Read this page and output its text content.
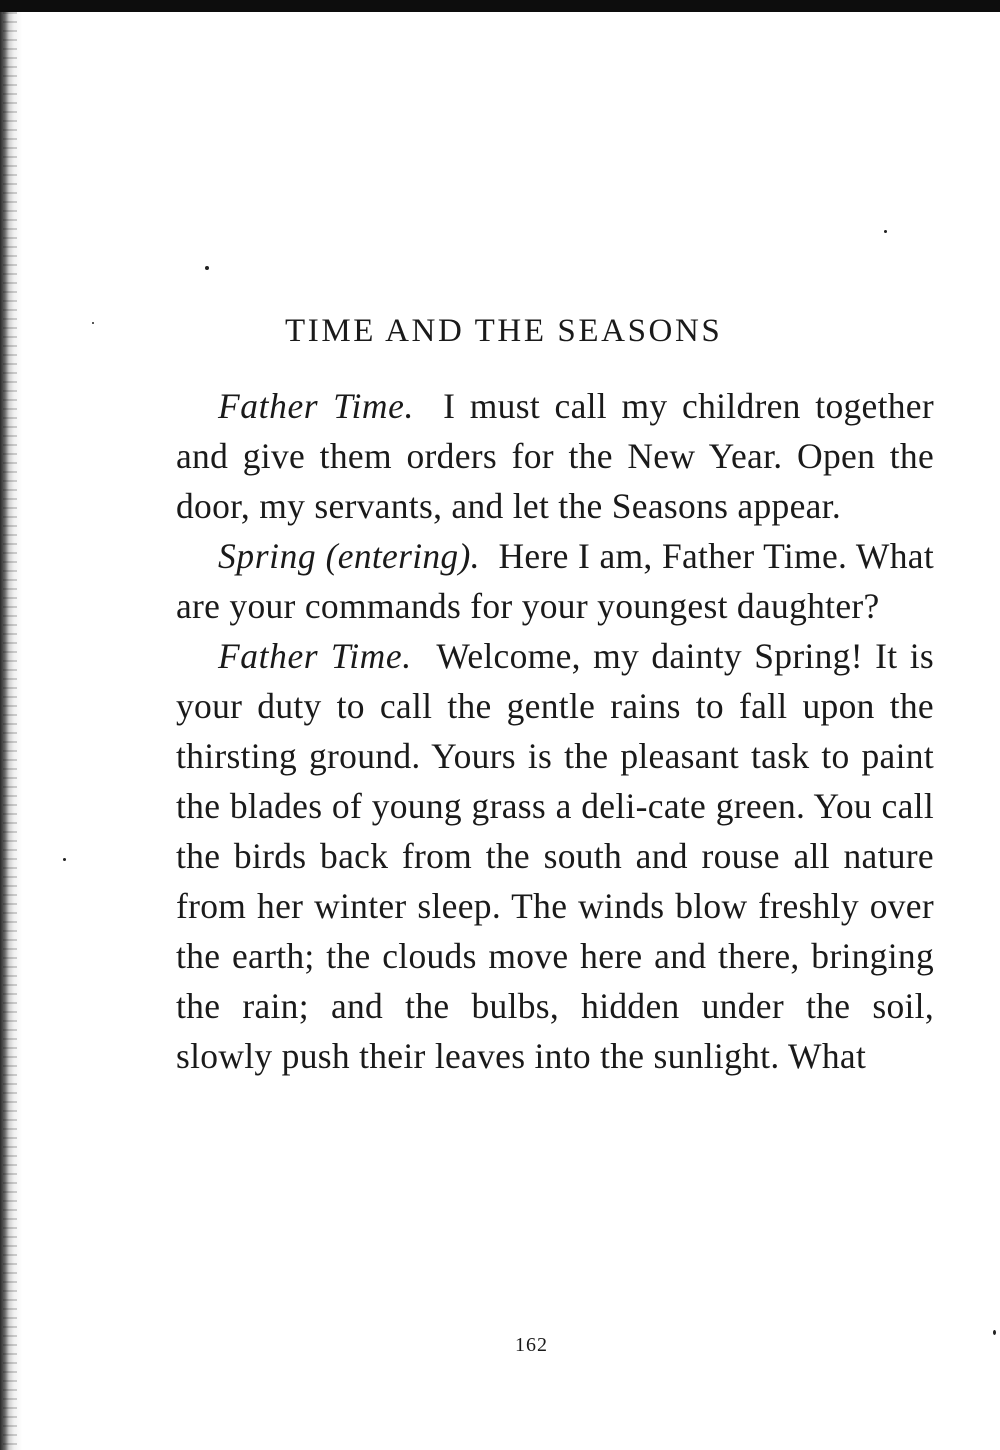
TIME AND THE SEASONS

Father Time. I must call my children together and give them orders for the New Year. Open the door, my servants, and let the Seasons appear.

Spring (entering). Here I am, Father Time. What are your commands for your youngest daughter?

Father Time. Welcome, my dainty Spring! It is your duty to call the gentle rains to fall upon the thirsting ground. Yours is the pleasant task to paint the blades of young grass a deli-cate green. You call the birds back from the south and rouse all nature from her winter sleep. The winds blow freshly over the earth; the clouds move here and there, bringing the rain; and the bulbs, hidden under the soil, slowly push their leaves into the sunlight. What

162
